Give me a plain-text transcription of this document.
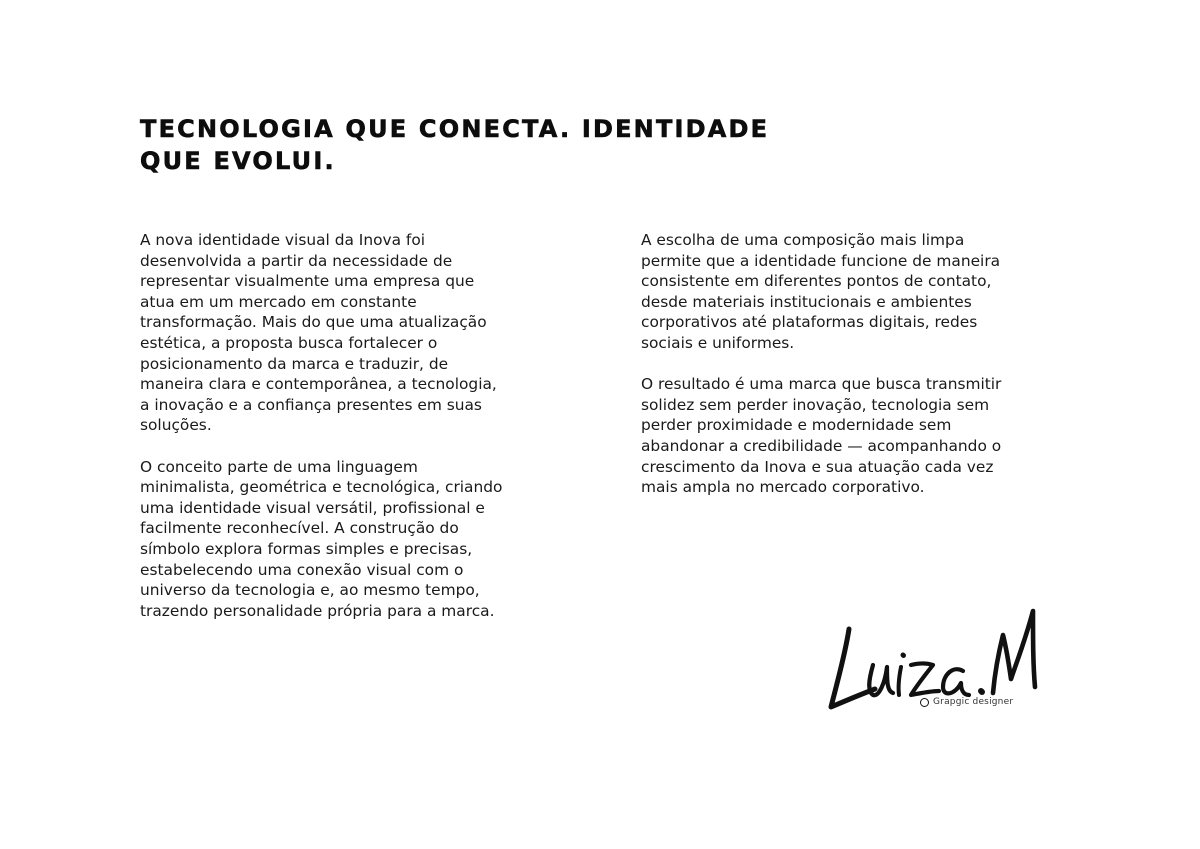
TECNOLOGIA QUE CONECTA. IDENTIDADE
QUE EVOLUI.

A nova identidade visual da Inova foi
desenvolvida a partir da necessidade de
representar visualmente uma empresa que
atua em um mercado em constante
transformação. Mais do que uma atualização
estética, a proposta busca fortalecer o
posicionamento da marca e traduzir, de
maneira clara e contemporânea, a tecnologia,
a inovação e a confiança presentes em suas
soluções.

O conceito parte de uma linguagem
minimalista, geométrica e tecnológica, criando
uma identidade visual versátil, profissional e
facilmente reconhecível. A construção do
símbolo explora formas simples e precisas,
estabelecendo uma conexão visual com o
universo da tecnologia e, ao mesmo tempo,
trazendo personalidade própria para a marca.

A escolha de uma composição mais limpa
permite que a identidade funcione de maneira
consistente em diferentes pontos de contato,
desde materiais institucionais e ambientes
corporativos até plataformas digitais, redes
sociais e uniformes.

O resultado é uma marca que busca transmitir
solidez sem perder inovação, tecnologia sem
perder proximidade e modernidade sem
abandonar a credibilidade — acompanhando o
crescimento da Inova e sua atuação cada vez
mais ampla no mercado corporativo.

Grapgic designer
